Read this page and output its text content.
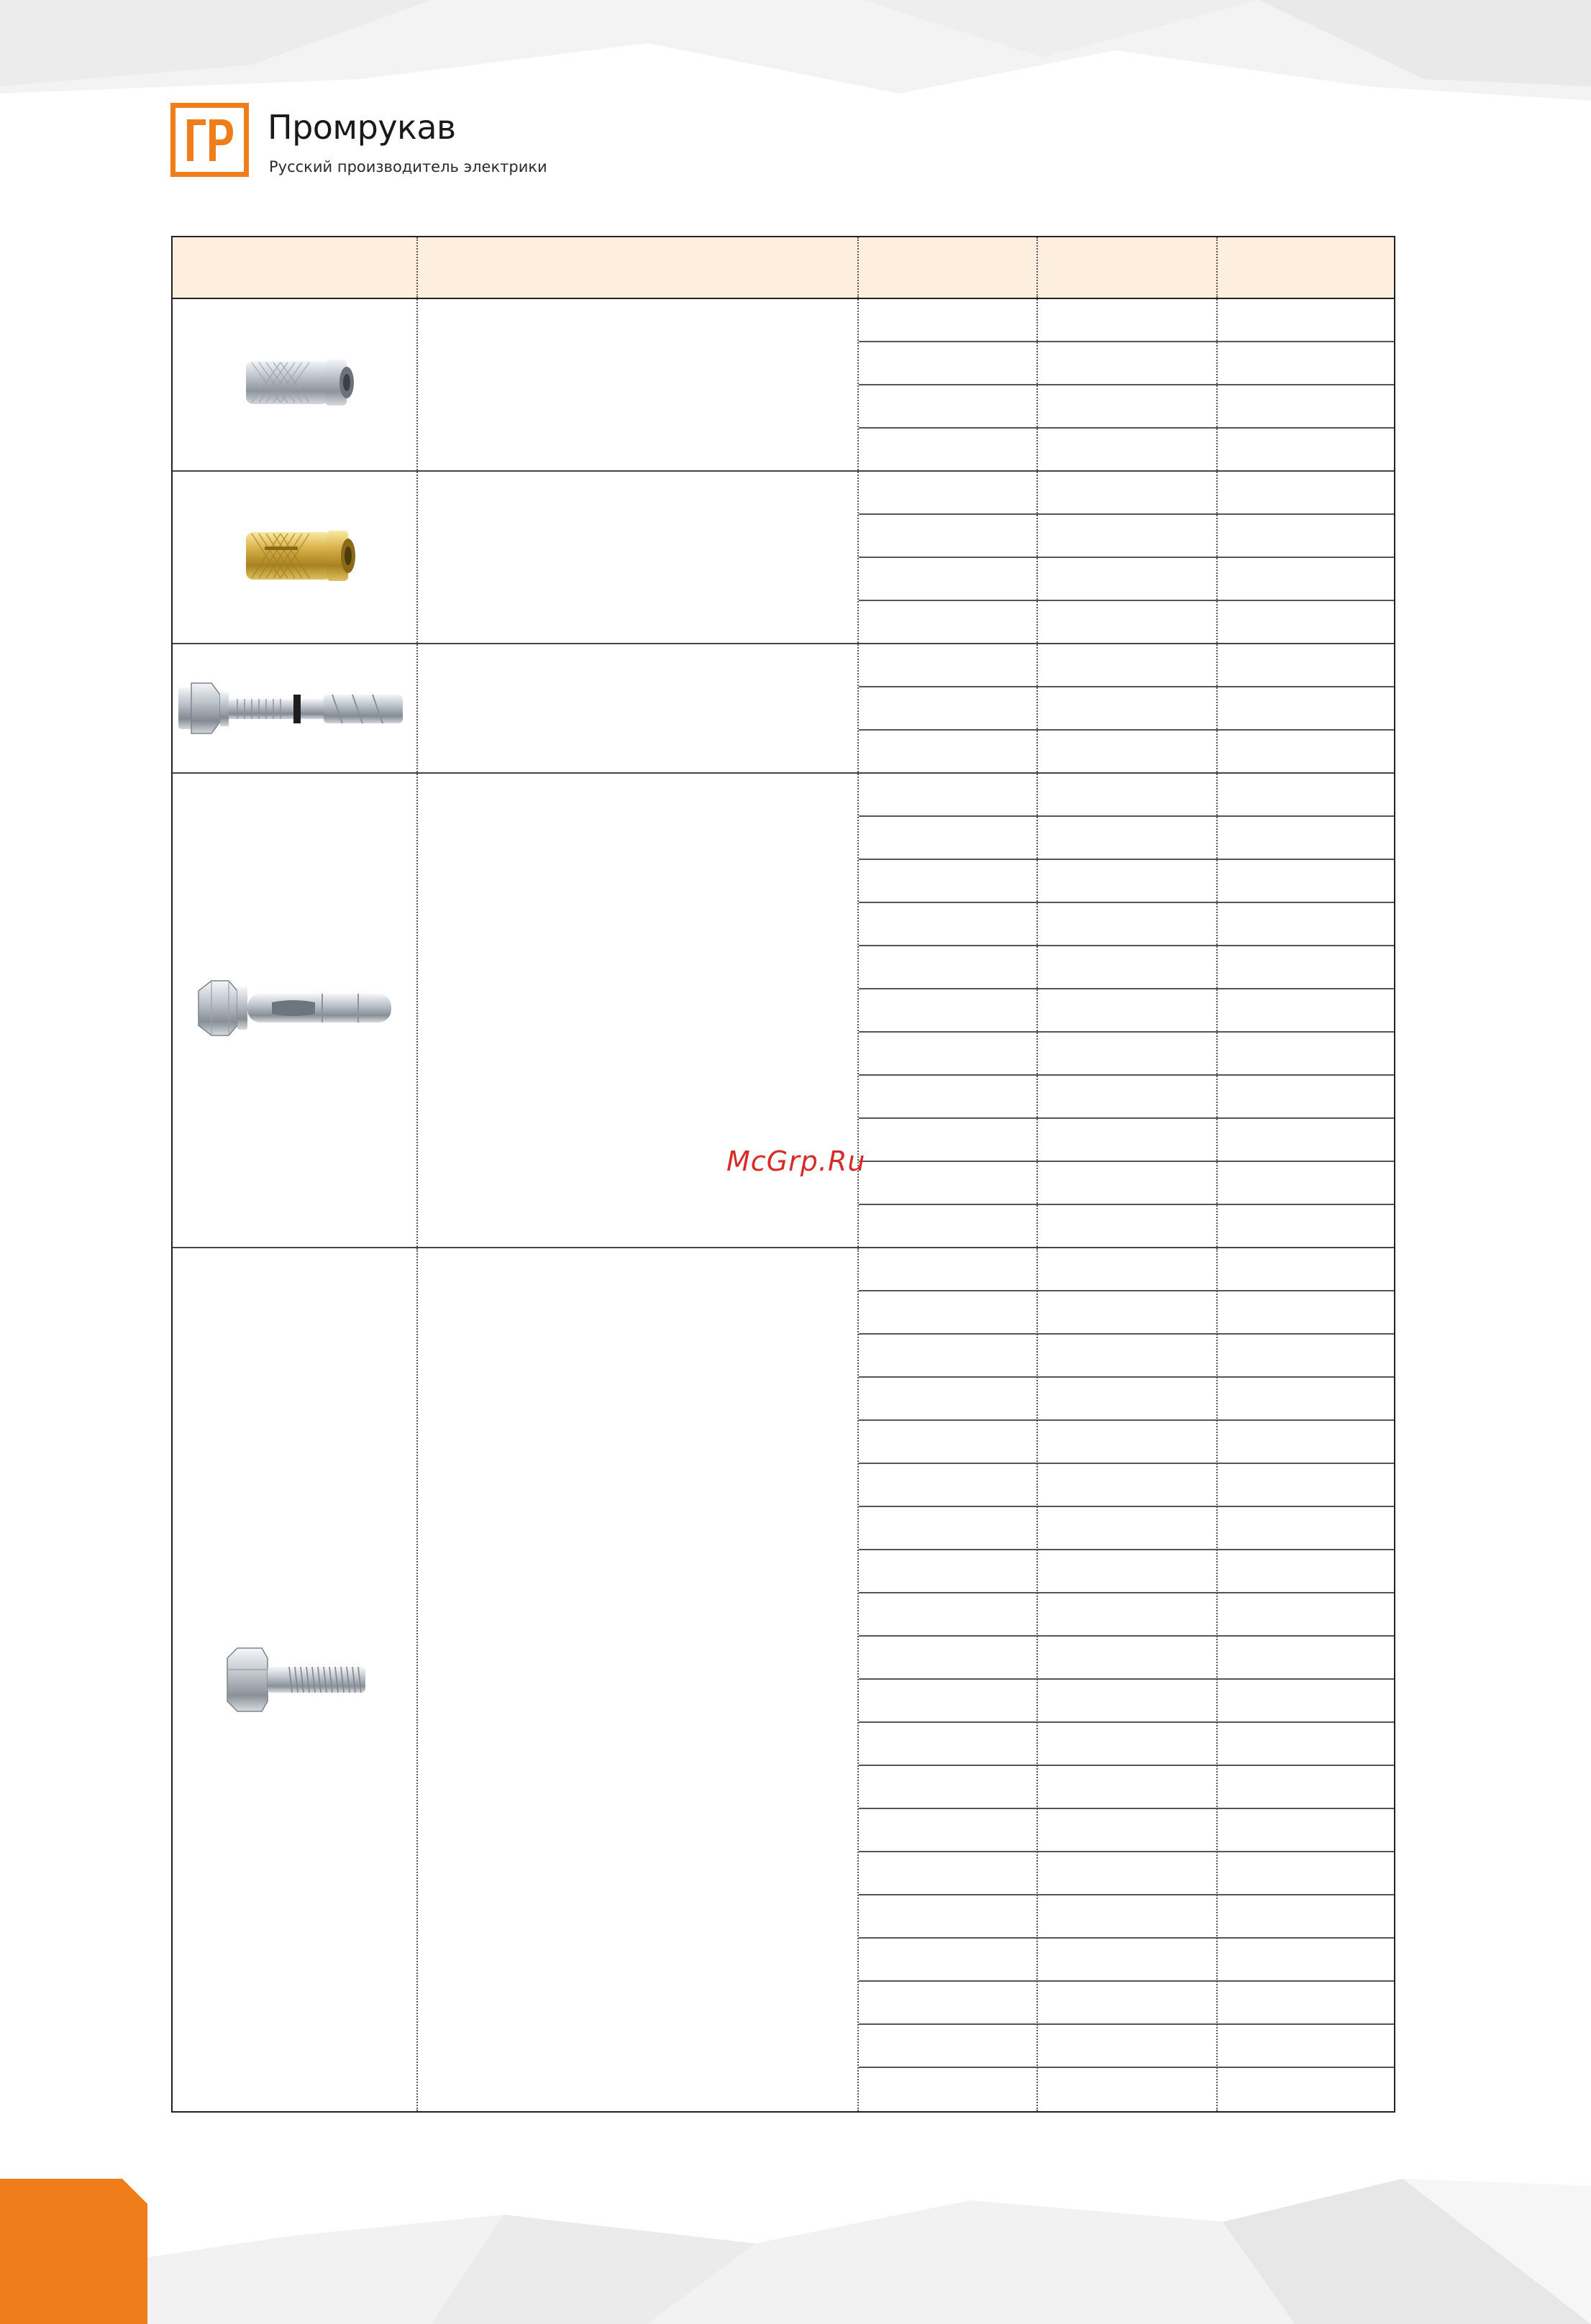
Промрукав
Русский производитель электрики
McGrp.Ru
